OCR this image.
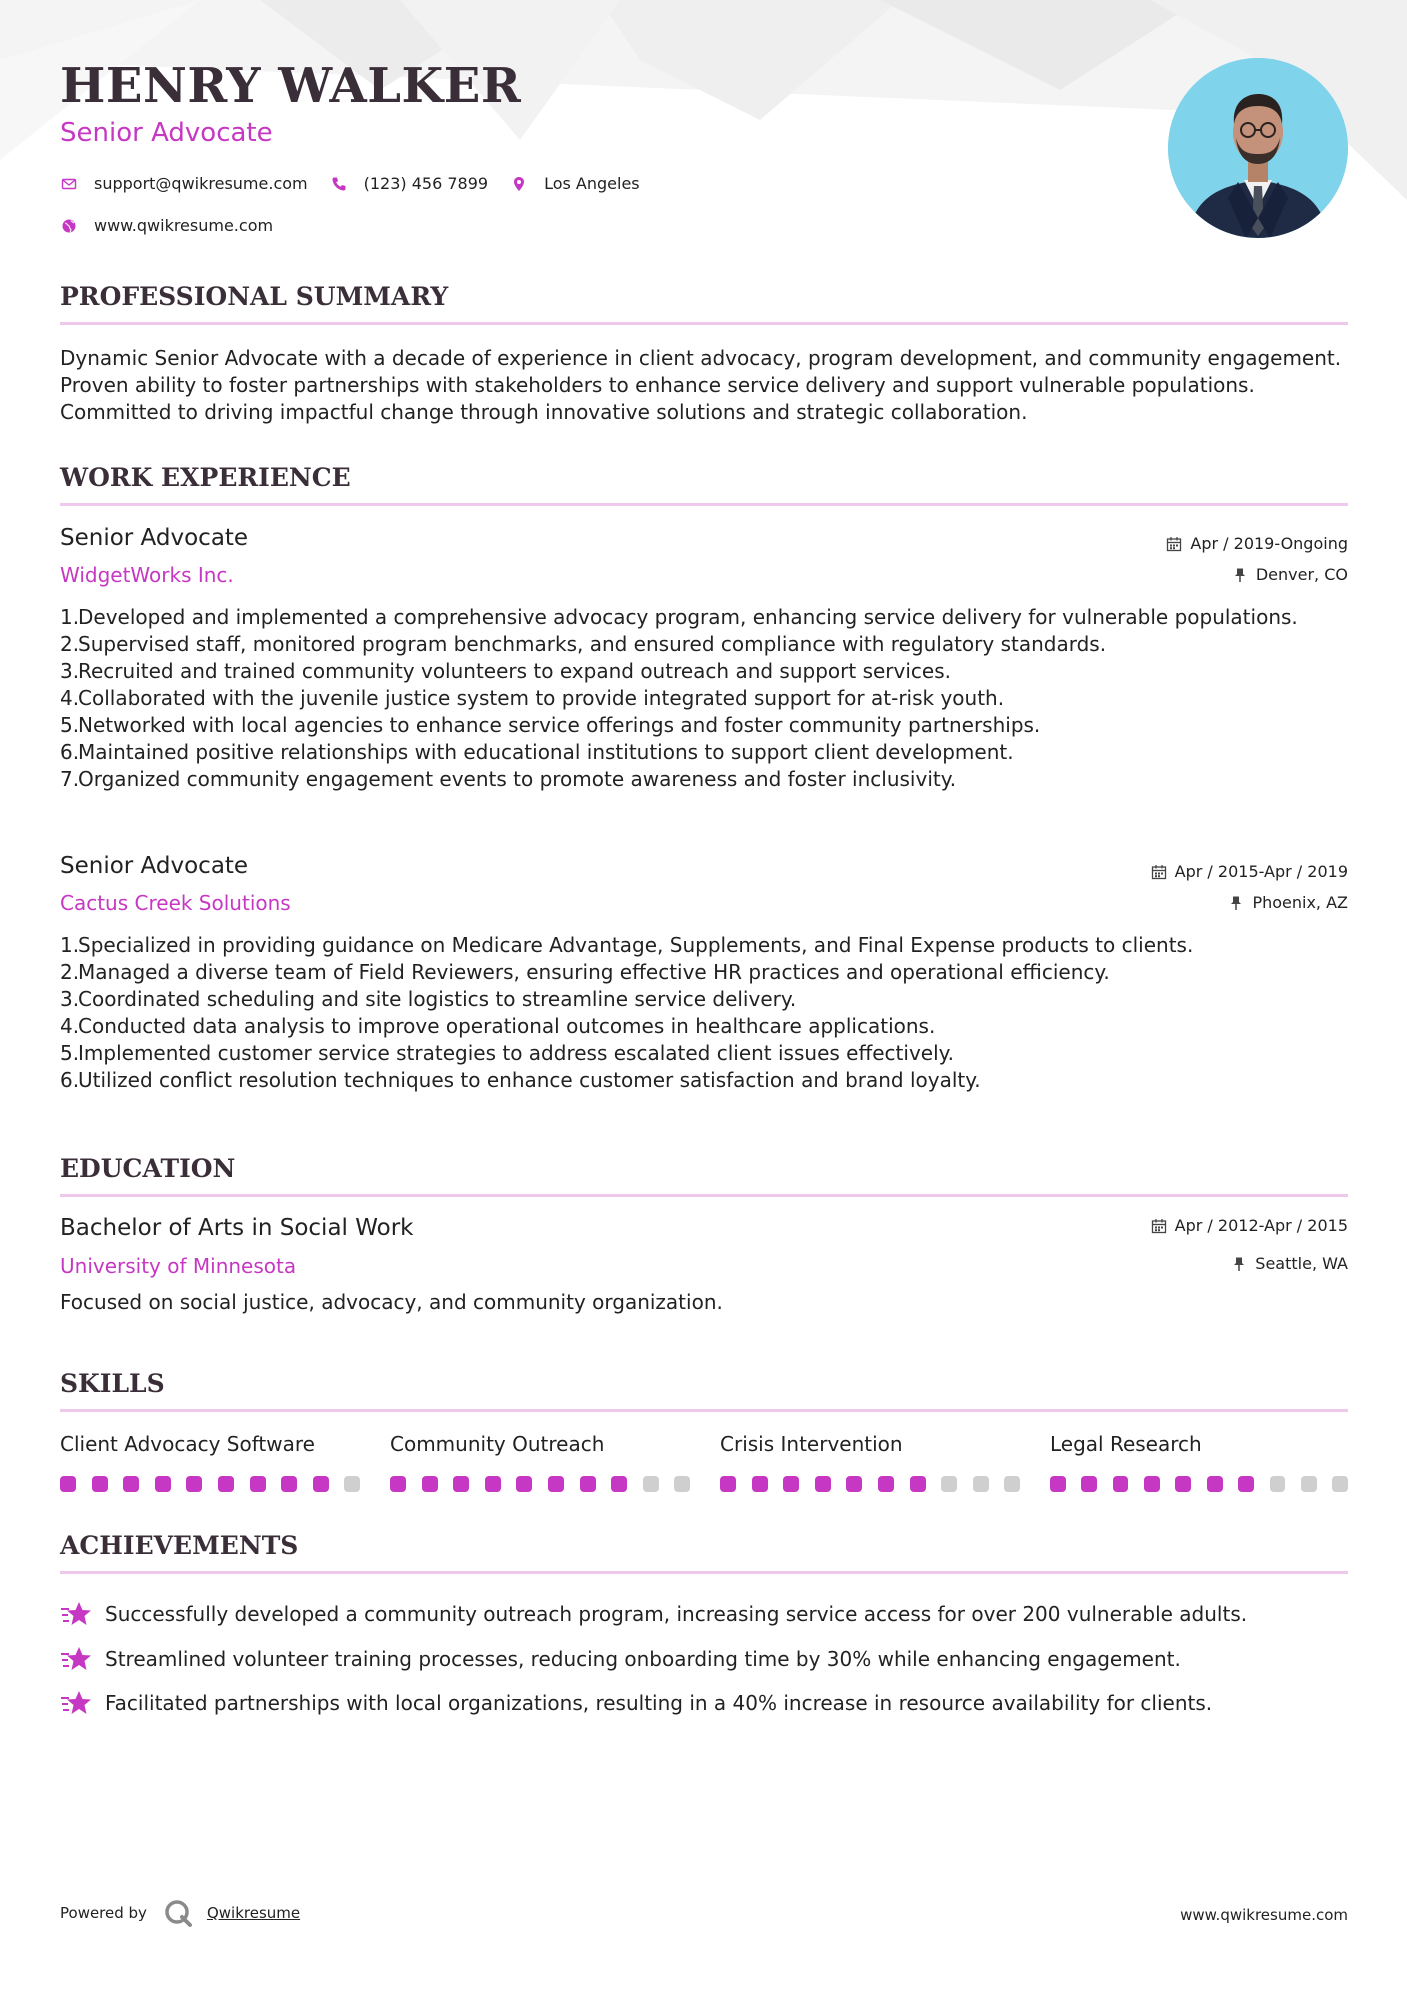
HENRY WALKER
Senior Advocate
support@qwikresume.com	(123) 456 7899	Los Angeles
www.qwikresume.com
PROFESSIONAL SUMMARY

Dynamic Senior Advocate with a decade of experience in client advocacy, program development, and community engagement. Proven ability to foster partnerships with stakeholders to enhance service delivery and support vulnerable populations. Committed to driving impactful change through innovative solutions and strategic collaboration.

WORK EXPERIENCE
Senior Advocate
WidgetWorks Inc.
Apr / 2019-Ongoing
Denver, CO
1.
Developed and implemented a comprehensive advocacy program, enhancing service delivery for vulnerable populations.
2.
Supervised staff, monitored program benchmarks, and ensured compliance with regulatory standards.
3.
Recruited and trained community volunteers to expand outreach and support services.
4.
Collaborated with the juvenile justice system to provide integrated support for at-risk youth.
5.
Networked with local agencies to enhance service offerings and foster community partnerships.
6.
Maintained positive relationships with educational institutions to support client development.
7.
Organized community engagement events to promote awareness and foster inclusivity.
Senior Advocate
Cactus Creek Solutions
Apr / 2015-Apr / 2019
Phoenix, AZ
1.
Specialized in providing guidance on Medicare Advantage, Supplements, and Final Expense products to clients.
2.
Managed a diverse team of Field Reviewers, ensuring effective HR practices and operational efficiency.
3.
Coordinated scheduling and site logistics to streamline service delivery.
4.
Conducted data analysis to improve operational outcomes in healthcare applications.
5.
Implemented customer service strategies to address escalated client issues effectively.
6.
Utilized conflict resolution techniques to enhance customer satisfaction and brand loyalty.
EDUCATION
Bachelor of Arts in Social Work
University of Minnesota
Apr / 2012-Apr / 2015
Seattle, WA
Focused on social justice, advocacy, and community organization.
SKILLS
Client Advocacy Software	Community Outreach	Crisis Intervention	Legal Research
ACHIEVEMENTS
Successfully developed a community outreach program, increasing service access for over 200 vulnerable adults.
Streamlined volunteer training processes, reducing onboarding time by 30% while enhancing engagement.
Facilitated partnerships with local organizations, resulting in a 40% increase in resource availability for clients.
Powered by	Qwikresume	www.qwikresume.com
